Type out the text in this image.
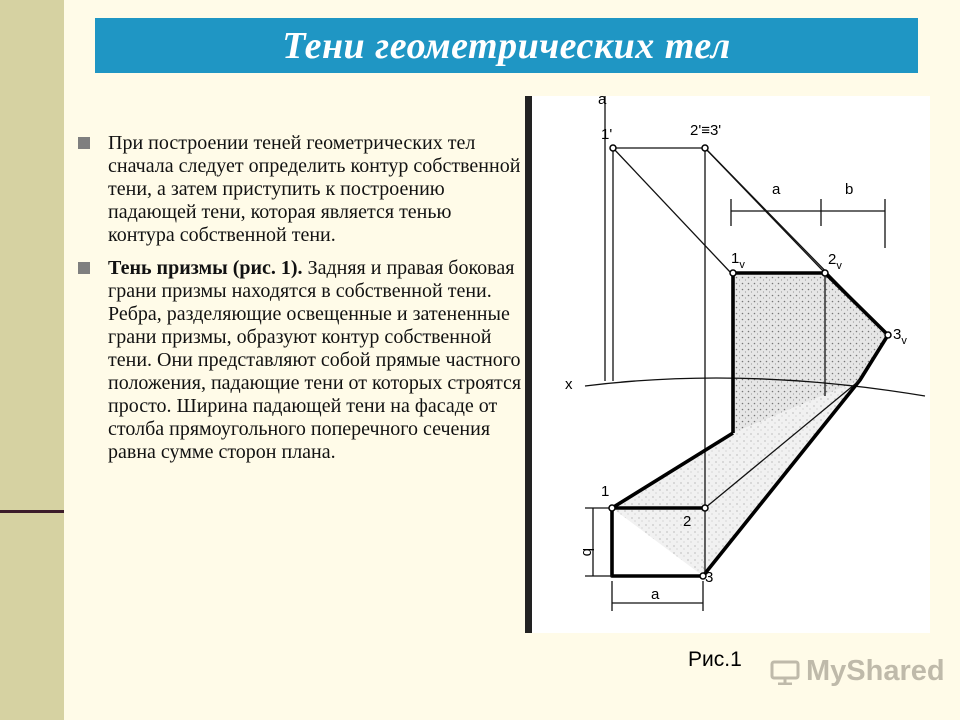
Тени геометрических тел
При построении теней геометрических тел сначала следует определить контур собственной тени, а затем приступить к построению падающей тени, которая является тенью контура собственной тени.
Тень призмы (рис. 1). Задняя и правая боковая грани призмы находятся в собственной тени. Ребра, разделяющие освещенные и затененные грани призмы, образуют контур собственной тени. Они представляют собой прямые частного положения, падающие тени от которых строятся просто. Ширина падающей тени на фасаде от столба прямоугольного поперечного сечения равна сумме сторон плана.
a
1'	2'≡3'
a	b
$1_v$	$2_v$
$3_v$
x
1
2
3
b
a
Рис.1 MyShared
